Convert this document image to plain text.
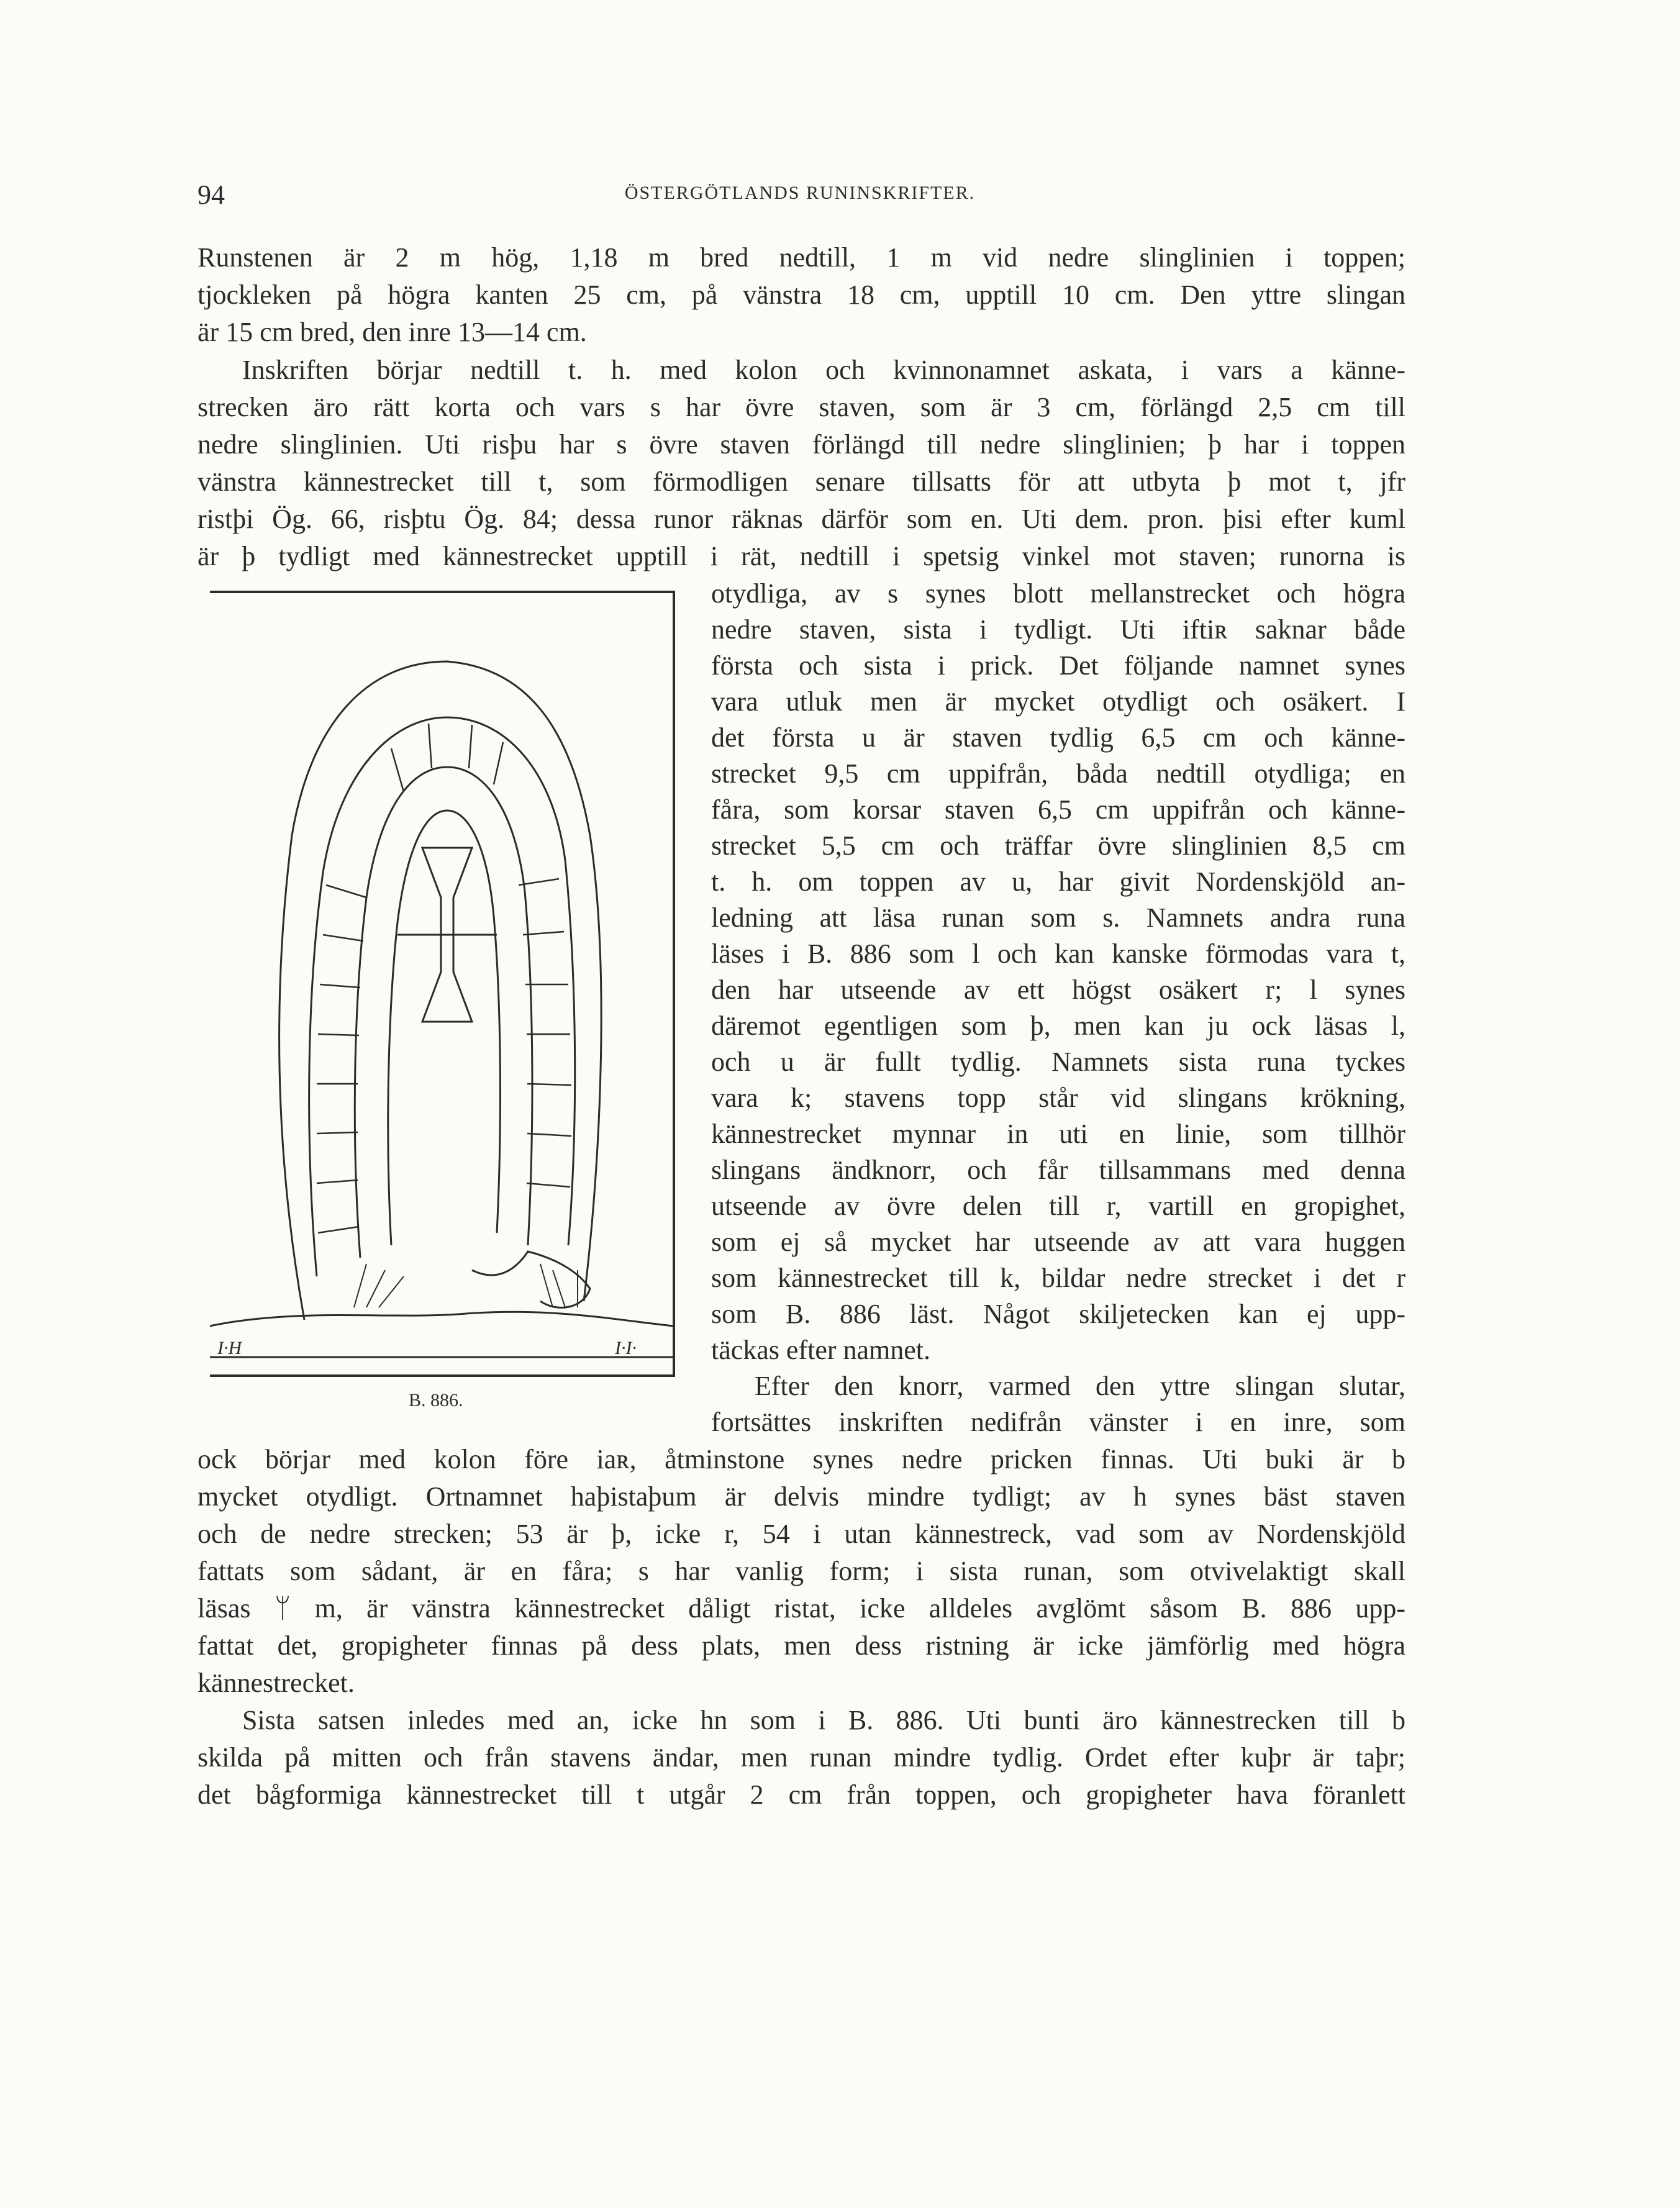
94	ÖSTERGÖTLANDS RUNINSKRIFTER.
Runstenen är 2 m hög, 1,18 m bred nedtill, 1 m vid nedre slinglinien i toppen;
tjockleken på högra kanten 25 cm, på vänstra 18 cm, upptill 10 cm. Den yttre slingan
är 15 cm bred, den inre 13—14 cm.
Inskriften börjar nedtill t. h. med kolon och kvinnonamnet askata, i vars a känne-
strecken äro rätt korta och vars s har övre staven, som är 3 cm, förlängd 2,5 cm till
nedre slinglinien. Uti risþu har s övre staven förlängd till nedre slinglinien; þ har i toppen
vänstra kännestrecket till t, som förmodligen senare tillsatts för att utbyta þ mot t, jfr
ristþi Ög. 66, risþtu Ög. 84; dessa runor räknas därför som en. Uti dem. pron. þisi efter kuml
är þ tydligt med kännestrecket upptill i rät, nedtill i spetsig vinkel mot staven; runorna is
otydliga, av s synes blott mellanstrecket och högra
nedre staven, sista i tydligt. Uti iftiʀ saknar både
första och sista i prick. Det följande namnet synes
vara utluk men är mycket otydligt och osäkert. I
det första u är staven tydlig 6,5 cm och känne-
strecket 9,5 cm uppifrån, båda nedtill otydliga; en
fåra, som korsar staven 6,5 cm uppifrån och känne-
strecket 5,5 cm och träffar övre slinglinien 8,5 cm
t. h. om toppen av u, har givit Nordenskjöld an-
ledning att läsa runan som s. Namnets andra runa
läses i B. 886 som l och kan kanske förmodas vara t,
den har utseende av ett högst osäkert r; l synes
däremot egentligen som þ, men kan ju ock läsas l,
och u är fullt tydlig. Namnets sista runa tyckes
vara k; stavens topp står vid slingans krökning,
kännestrecket mynnar in uti en linie, som tillhör
slingans ändknorr, och får tillsammans med denna
utseende av övre delen till r, vartill en gropighet,
som ej så mycket har utseende av att vara huggen
som kännestrecket till k, bildar nedre strecket i det r
som B. 886 läst. Något skiljetecken kan ej upp-
täckas efter namnet.
Efter den knorr, varmed den yttre slingan slutar,
fortsättes inskriften nedifrån vänster i en inre, som
ock börjar med kolon före iaʀ, åtminstone synes nedre pricken finnas. Uti buki är b
mycket otydligt. Ortnamnet haþistaþum är delvis mindre tydligt; av h synes bäst staven
och de nedre strecken; 53 är þ, icke r, 54 i utan kännestreck, vad som av Nordenskjöld
fattats som sådant, är en fåra; s har vanlig form; i sista runan, som otvivelaktigt skall
läsas ᛘ m, är vänstra kännestrecket dåligt ristat, icke alldeles avglömt såsom B. 886 upp-
fattat det, gropigheter finnas på dess plats, men dess ristning är icke jämförlig med högra
kännestrecket.
Sista satsen inledes med an, icke hn som i B. 886. Uti bunti äro kännestrecken till b
skilda på mitten och från stavens ändar, men runan mindre tydlig. Ordet efter kuþr är taþr;
det bågformiga kännestrecket till t utgår 2 cm från toppen, och gropigheter hava föranlett
I·H	I·I·
B. 886.
